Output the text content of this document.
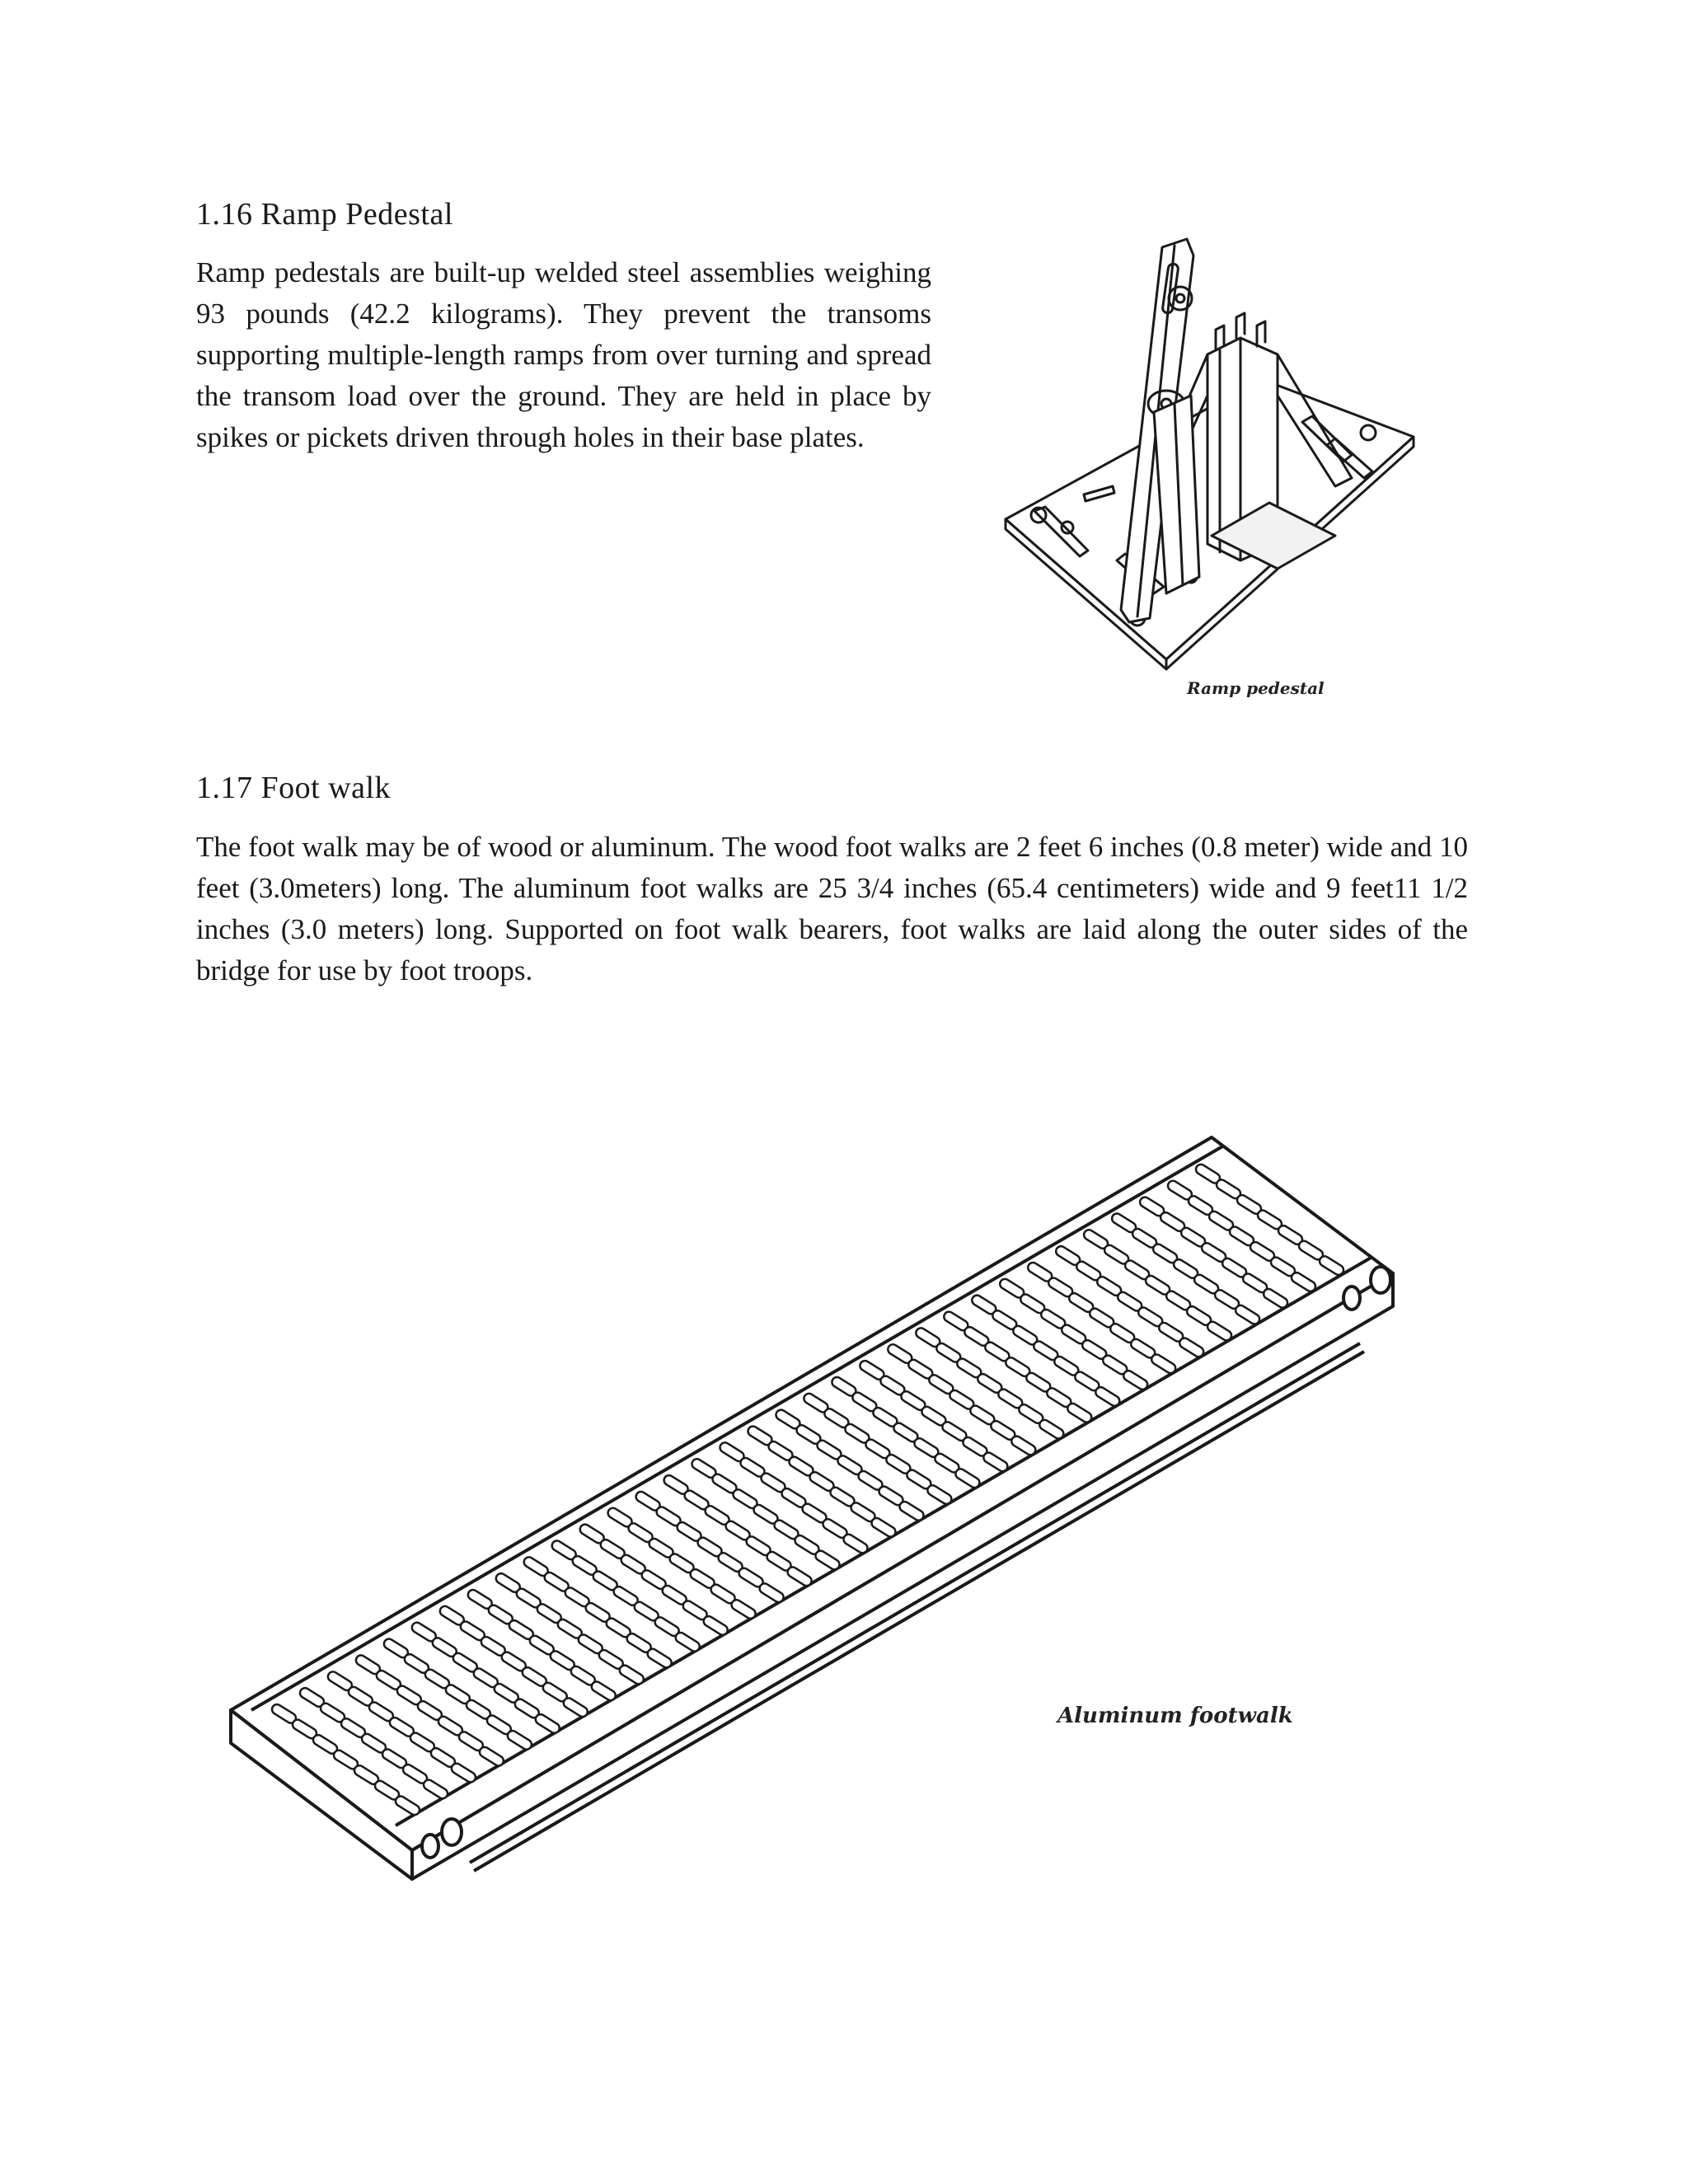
1.16 Ramp Pedestal

Ramp pedestals are built-up welded steel assemblies weighing 93 pounds (42.2 kilograms). They prevent the transoms supporting multiple-length ramps from over turning and spread the transom load over the ground. They are held in place by spikes or pickets driven through holes in their base plates.

Ramp pedestal
1.17 Foot walk

The foot walk may be of wood or aluminum. The wood foot walks are 2 feet 6 inches (0.8 meter) wide and 10 feet (3.0meters) long. The aluminum foot walks are 25 3/4 inches (65.4 centimeters) wide and 9 feet11 1/2 inches (3.0 meters) long. Supported on foot walk bearers, foot walks are laid along the outer sides of the bridge for use by foot troops.

Aluminum footwalk
